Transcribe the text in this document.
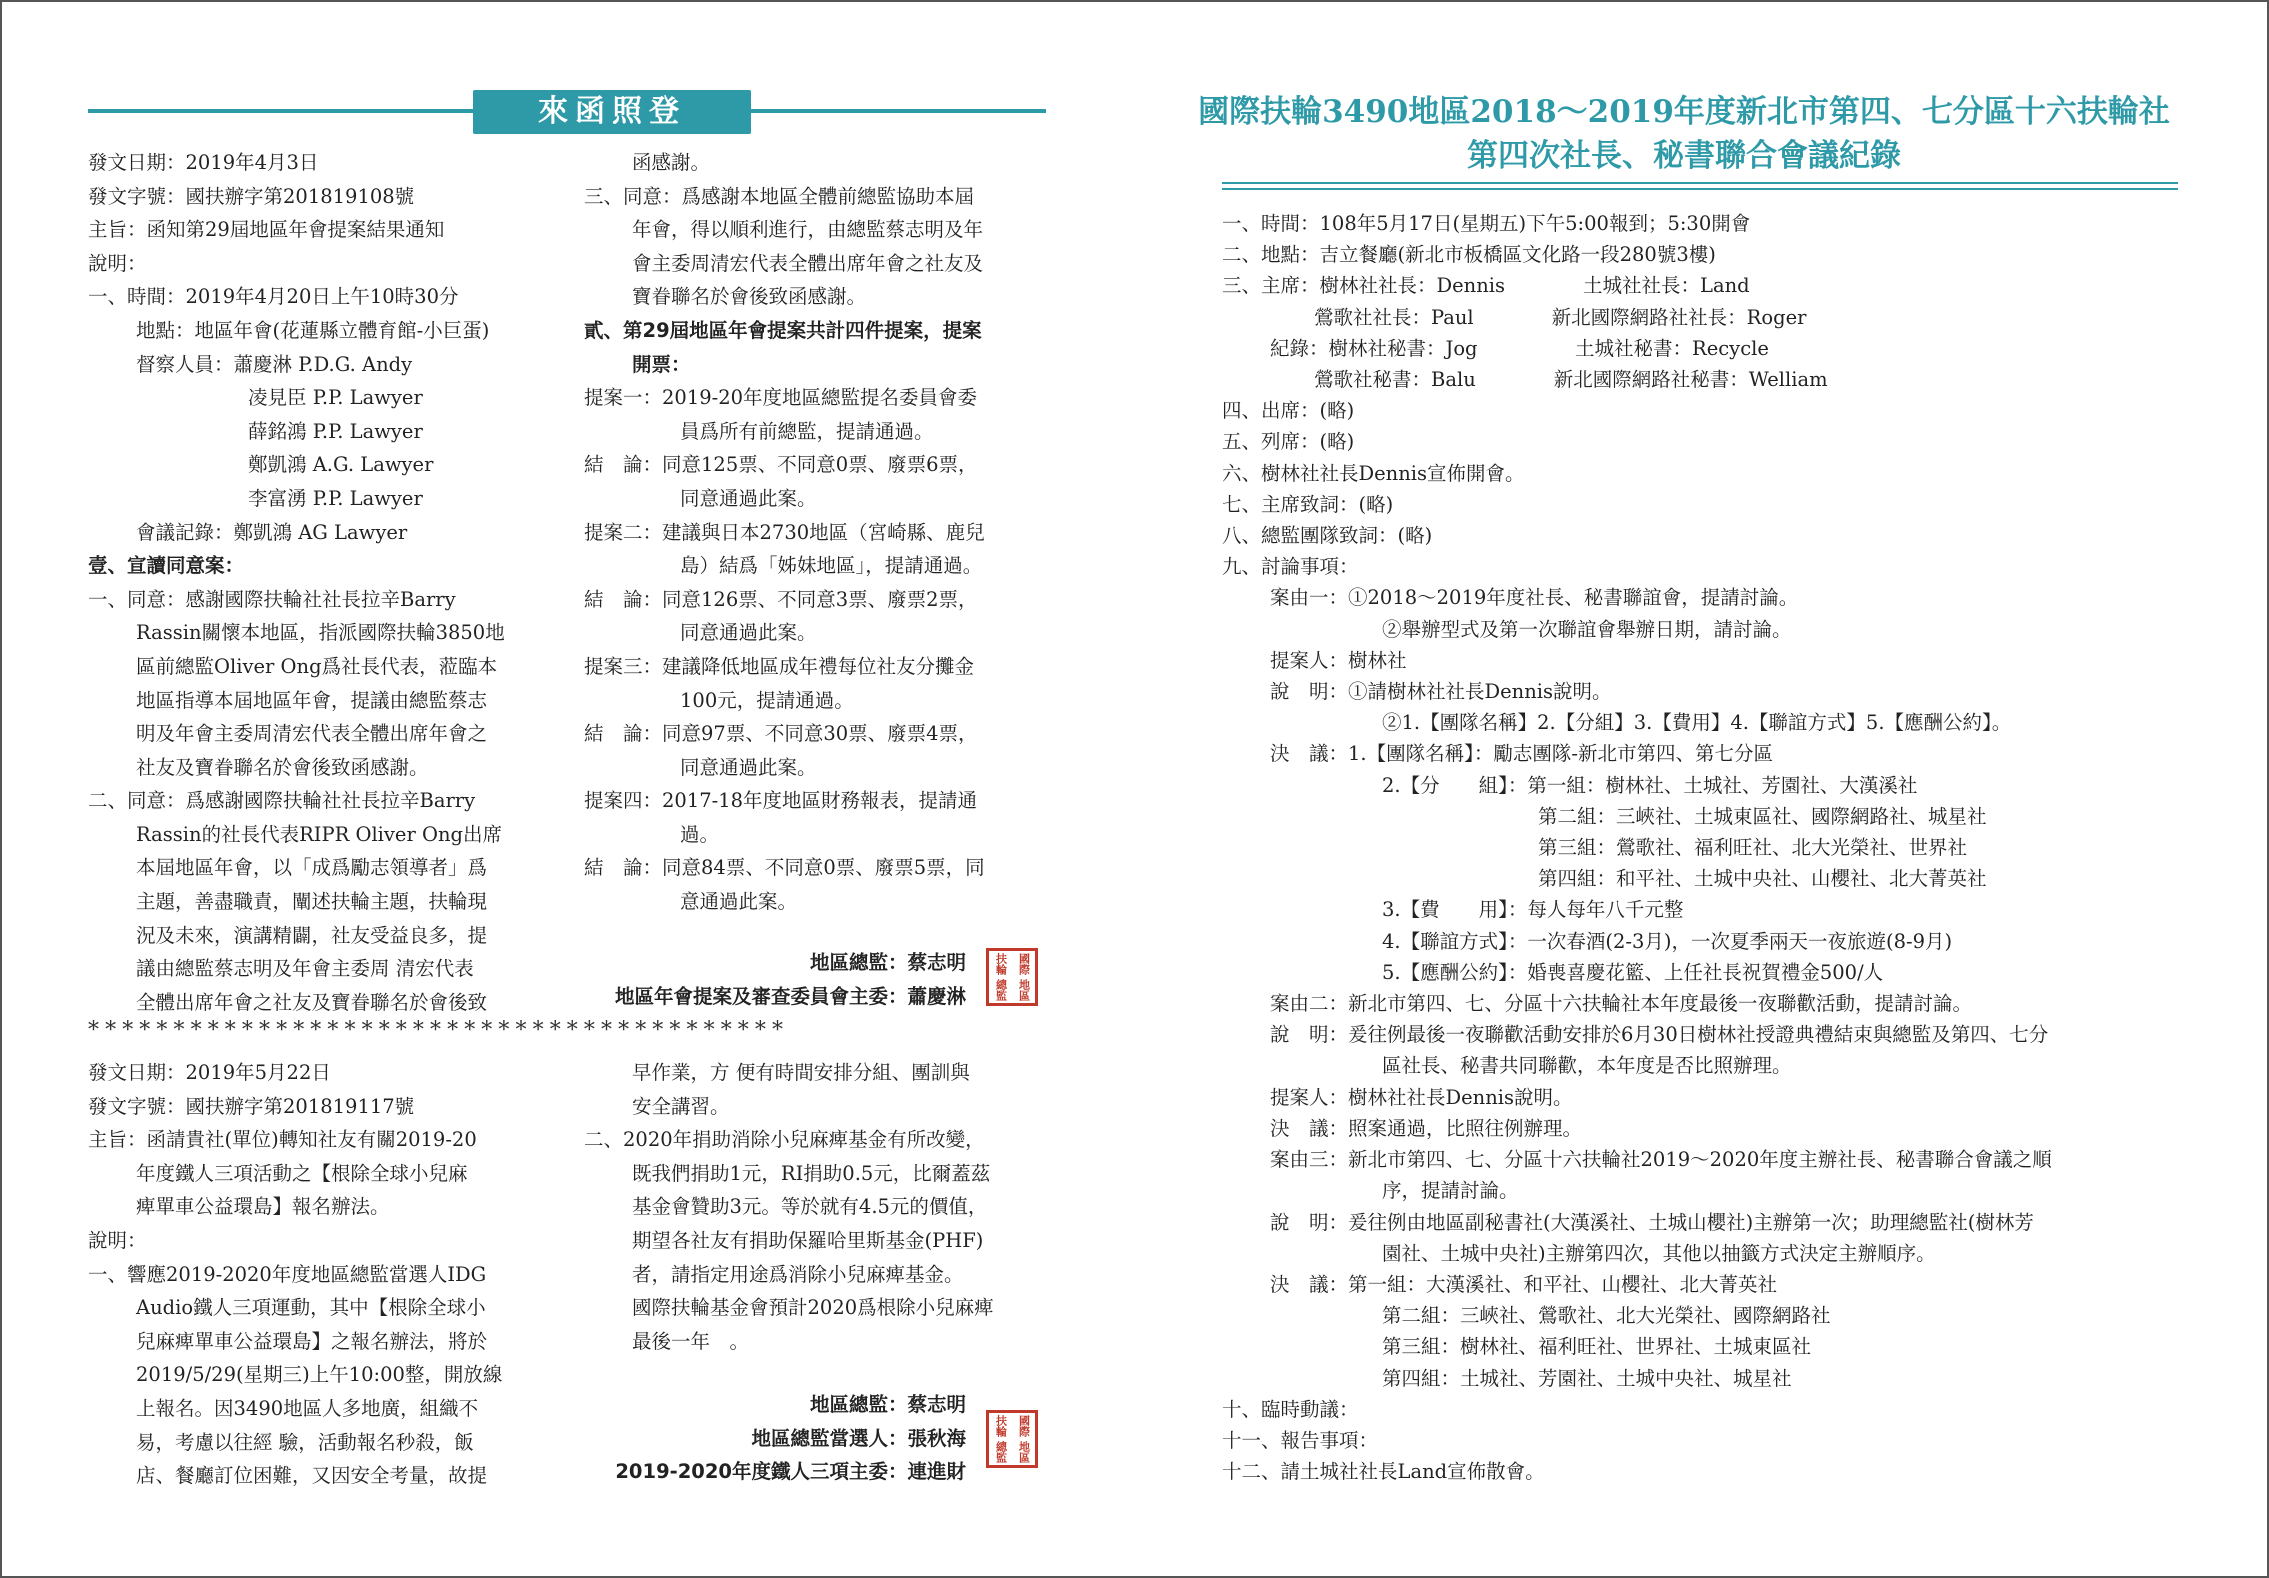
來函照登
發文日期：2019年4月3日
發文字號：國扶辦字第201819108號
主旨：函知第29屆地區年會提案結果通知
說明：
一、時間：2019年4月20日上午10時30分
地點：地區年會(花蓮縣立體育館-小巨蛋)
督察人員：蕭慶淋 P.D.G. Andy
凌見臣 P.P. Lawyer
薛銘鴻 P.P. Lawyer
鄭凱鴻 A.G. Lawyer
李富湧 P.P. Lawyer
會議記錄：鄭凱鴻 AG Lawyer
壹、宣讀同意案：
一、同意：感謝國際扶輪社社長拉辛Barry
Rassin關懷本地區，指派國際扶輪3850地
區前總監Oliver Ong爲社長代表，蒞臨本
地區指導本屆地區年會，提議由總監蔡志
明及年會主委周清宏代表全體出席年會之
社友及寶眷聯名於會後致函感謝。
二、同意：爲感謝國際扶輪社社長拉辛Barry
Rassin的社長代表RIPR Oliver Ong出席
本屆地區年會，以「成爲勵志領導者」爲
主題，善盡職責，闡述扶輪主題，扶輪現
況及未來，演講精闢，社友受益良多，提
議由總監蔡志明及年會主委周 清宏代表
全體出席年會之社友及寶眷聯名於會後致
函感謝。
三、同意：爲感謝本地區全體前總監協助本屆
年會，得以順利進行，由總監蔡志明及年
會主委周清宏代表全體出席年會之社友及
寶眷聯名於會後致函感謝。
貳、第29屆地區年會提案共計四件提案，提案
開票：
提案一：2019-20年度地區總監提名委員會委
員爲所有前總監，提請通過。
結　論：同意125票、不同意0票、廢票6票，
同意通過此案。
提案二：建議與日本2730地區（宮崎縣、鹿兒
島）結爲「姊妹地區」，提請通過。
結　論：同意126票、不同意3票、廢票2票，
同意通過此案。
提案三：建議降低地區成年禮每位社友分攤金
100元，提請通過。
結　論：同意97票、不同意30票、廢票4票，
同意通過此案。
提案四：2017-18年度地區財務報表，提請通
過。
結　論：同意84票、不同意0票、廢票5票，同
意通過此案。
地區總監：蔡志明
地區年會提案及審查委員會主委：蕭慶淋
扶輪 國際
總監 地區
*****************************************
發文日期：2019年5月22日
發文字號：國扶辦字第201819117號
主旨：函請貴社(單位)轉知社友有關2019-20
年度鐵人三項活動之【根除全球小兒麻
痺單車公益環島】報名辦法。
說明：
一、響應2019-2020年度地區總監當選人IDG
Audio鐵人三項運動，其中【根除全球小
兒麻痺單車公益環島】之報名辦法，將於
2019/5/29(星期三)上午10:00整，開放線
上報名。因3490地區人多地廣，組織不
易，考慮以往經 驗，活動報名秒殺，飯
店、餐廳訂位困難，又因安全考量，故提
早作業，方 便有時間安排分組、團訓與
安全講習。
二、2020年捐助消除小兒麻痺基金有所改變，
既我們捐助1元，RI捐助0.5元，比爾蓋茲
基金會贊助3元。等於就有4.5元的價值，
期望各社友有捐助保羅哈里斯基金(PHF)
者，請指定用途爲消除小兒麻痺基金。
國際扶輪基金會預計2020爲根除小兒麻痺
最後一年　。
地區總監：蔡志明
地區總監當選人：張秋海
2019-2020年度鐵人三項主委：連進財
扶輪 國際
總監 地區
國際扶輪3490地區2018～2019年度新北市第四、七分區十六扶輪社
第四次社長、秘書聯合會議紀錄
一、時間：108年5月17日(星期五)下午5:00報到；5:30開會
二、地點：吉立餐廳(新北市板橋區文化路一段280號3樓)
三、主席：樹林社社長：Dennis　　　　土城社社長：Land
鶯歌社社長：Paul　　　　新北國際網路社社長：Roger
紀錄：樹林社秘書：Jog　　　　　土城社秘書：Recycle
鶯歌社秘書：Balu　　　　新北國際網路社秘書：Welliam
四、出席：(略)
五、列席：(略)
六、樹林社社長Dennis宣佈開會。
七、主席致詞：(略)
八、總監團隊致詞：(略)
九、討論事項：
案由一：①2018～2019年度社長、秘書聯誼會，提請討論。
②舉辦型式及第一次聯誼會舉辦日期，請討論。
提案人：樹林社
說　明：①請樹林社社長Dennis說明。
②1.【團隊名稱】2.【分組】3.【費用】4.【聯誼方式】5.【應酬公約】。
決　議：1.【團隊名稱】：勵志團隊-新北市第四、第七分區
2.【分　　組】：第一組：樹林社、土城社、芳園社、大漢溪社
　　　　　　　　第二組：三峽社、土城東區社、國際網路社、城星社
　　　　　　　　第三組：鶯歌社、福利旺社、北大光榮社、世界社
　　　　　　　　第四組：和平社、土城中央社、山櫻社、北大菁英社
3.【費　　用】：每人每年八千元整
4.【聯誼方式】：一次春酒(2-3月)，一次夏季兩天一夜旅遊(8-9月)
5.【應酬公約】：婚喪喜慶花籃、上任社長祝賀禮金500/人
案由二：新北市第四、七、分區十六扶輪社本年度最後一夜聯歡活動，提請討論。
說　明：爰往例最後一夜聯歡活動安排於6月30日樹林社授證典禮結束與總監及第四、七分
區社長、秘書共同聯歡，本年度是否比照辦理。
提案人：樹林社社長Dennis說明。
決　議：照案通過，比照往例辦理。
案由三：新北市第四、七、分區十六扶輪社2019～2020年度主辦社長、秘書聯合會議之順
序，提請討論。
說　明：爰往例由地區副秘書社(大漢溪社、土城山櫻社)主辦第一次；助理總監社(樹林芳
園社、土城中央社)主辦第四次，其他以抽籤方式決定主辦順序。
決　議：第一組：大漢溪社、和平社、山櫻社、北大菁英社
第二組：三峽社、鶯歌社、北大光榮社、國際網路社
第三組：樹林社、福利旺社、世界社、土城東區社
第四組：土城社、芳園社、土城中央社、城星社
十、臨時動議：
十一、報告事項：
十二、請土城社社長Land宣佈散會。
